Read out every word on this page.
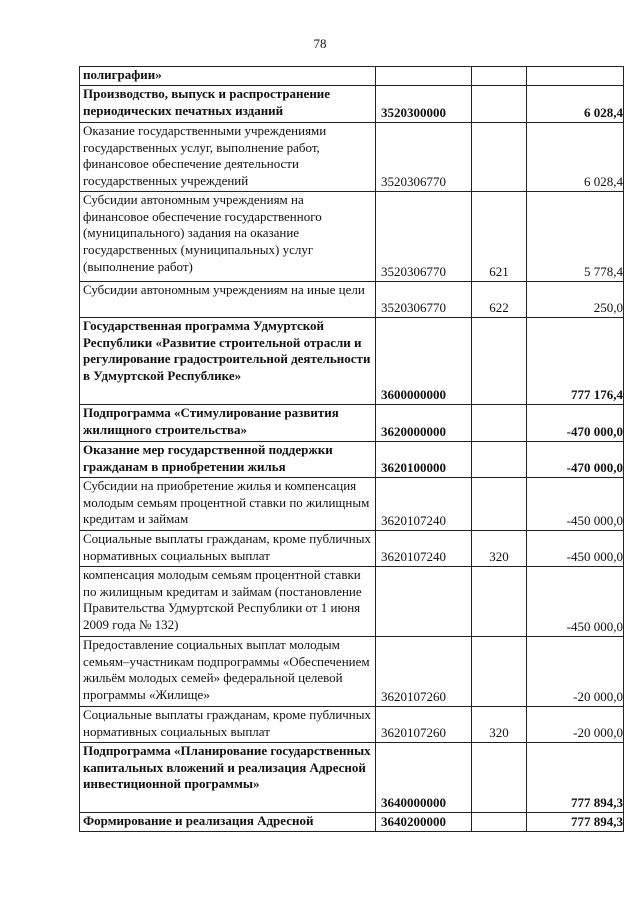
78
полиграфии»			
Производство, выпуск и распространение периодических печатных изданий	3520300000		6 028,4
Оказание государственными учреждениями государственных услуг, выполнение работ, финансовое обеспечение деятельности государственных учреждений	3520306770		6 028,4
Субсидии автономным учреждениям на финансовое обеспечение государственного (муниципального) задания на оказание государственных (муниципальных) услуг (выполнение работ)	3520306770	621	5 778,4
Субсидии автономным учреждениям на иные цели	3520306770	622	250,0
Государственная программа Удмуртской Республики «Развитие строительной отрасли и регулирование градостроительной деятельности в Удмуртской Республике»	3600000000		777 176,4
Подпрограмма «Стимулирование развития жилищного строительства»	3620000000		-470 000,0
Оказание мер государственной поддержки гражданам в приобретении жилья	3620100000		-470 000,0
Субсидии на приобретение жилья и компенсация молодым семьям процентной ставки по жилищным кредитам и займам	3620107240		-450 000,0
Социальные выплаты гражданам, кроме публичных нормативных социальных выплат	3620107240	320	-450 000,0
компенсация молодым семьям процентной ставки по жилищным кредитам и займам (постановление Правительства Удмуртской Республики от 1 июня 2009 года № 132)			-450 000,0
Предоставление социальных выплат молодым семьям–участникам подпрограммы «Обеспечением жильём молодых семей» федеральной целевой программы «Жилище»	3620107260		-20 000,0
Социальные выплаты гражданам, кроме публичных нормативных социальных выплат	3620107260	320	-20 000,0
Подпрограмма «Планирование государственных капитальных вложений и реализация Адресной инвестиционной программы»	3640000000		777 894,3
Формирование и реализация Адресной	3640200000		777 894,3
